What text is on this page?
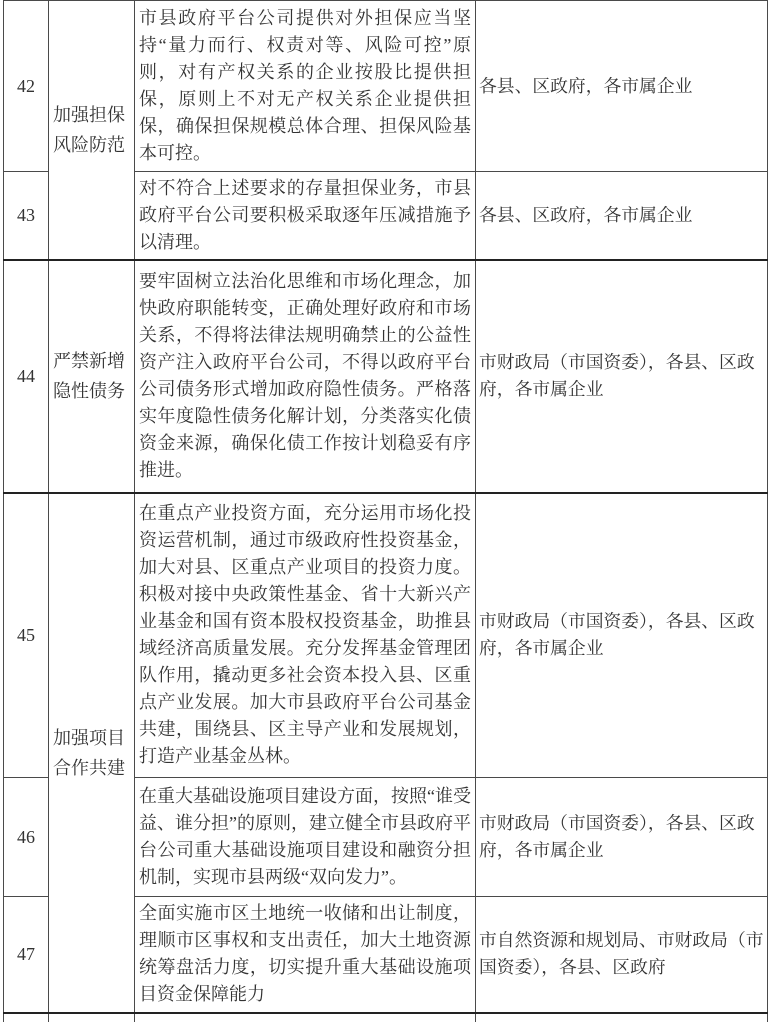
42	加强担保风险防范	市县政府平台公司提供对外担保应当坚持“量力而行、权责对等、风险可控”原则，对有产权关系的企业按股比提供担保，原则上不对无产权关系企业提供担保，确保担保规模总体合理、担保风险基本可控。	各县、区政府，各市属企业
43		对不符合上述要求的存量担保业务，市县政府平台公司要积极采取逐年压减措施予以清理。	各县、区政府，各市属企业
44	严禁新增隐性债务	要牢固树立法治化思维和市场化理念，加快政府职能转变，正确处理好政府和市场关系，不得将法律法规明确禁止的公益性资产注入政府平台公司，不得以政府平台公司债务形式增加政府隐性债务。严格落实年度隐性债务化解计划，分类落实化债资金来源，确保化债工作按计划稳妥有序推进。	市财政局（市国资委），各县、区政府，各市属企业
45	加强项目合作共建	在重点产业投资方面，充分运用市场化投资运营机制，通过市级政府性投资基金，加大对县、区重点产业项目的投资力度。积极对接中央政策性基金、省十大新兴产业基金和国有资本股权投资基金，助推县域经济高质量发展。充分发挥基金管理团队作用，撬动更多社会资本投入县、区重点产业发展。加大市县政府平台公司基金共建，围绕县、区主导产业和发展规划，打造产业基金丛林。	市财政局（市国资委），各县、区政府，各市属企业
46		在重大基础设施项目建设方面，按照“谁受益、谁分担”的原则，建立健全市县政府平台公司重大基础设施项目建设和融资分担机制，实现市县两级“双向发力”。	市财政局（市国资委），各县、区政府，各市属企业
47		全面实施市区土地统一收储和出让制度，理顺市区事权和支出责任，加大土地资源统筹盘活力度，切实提升重大基础设施项目资金保障能力	市自然资源和规划局、市财政局（市国资委），各县、区政府
